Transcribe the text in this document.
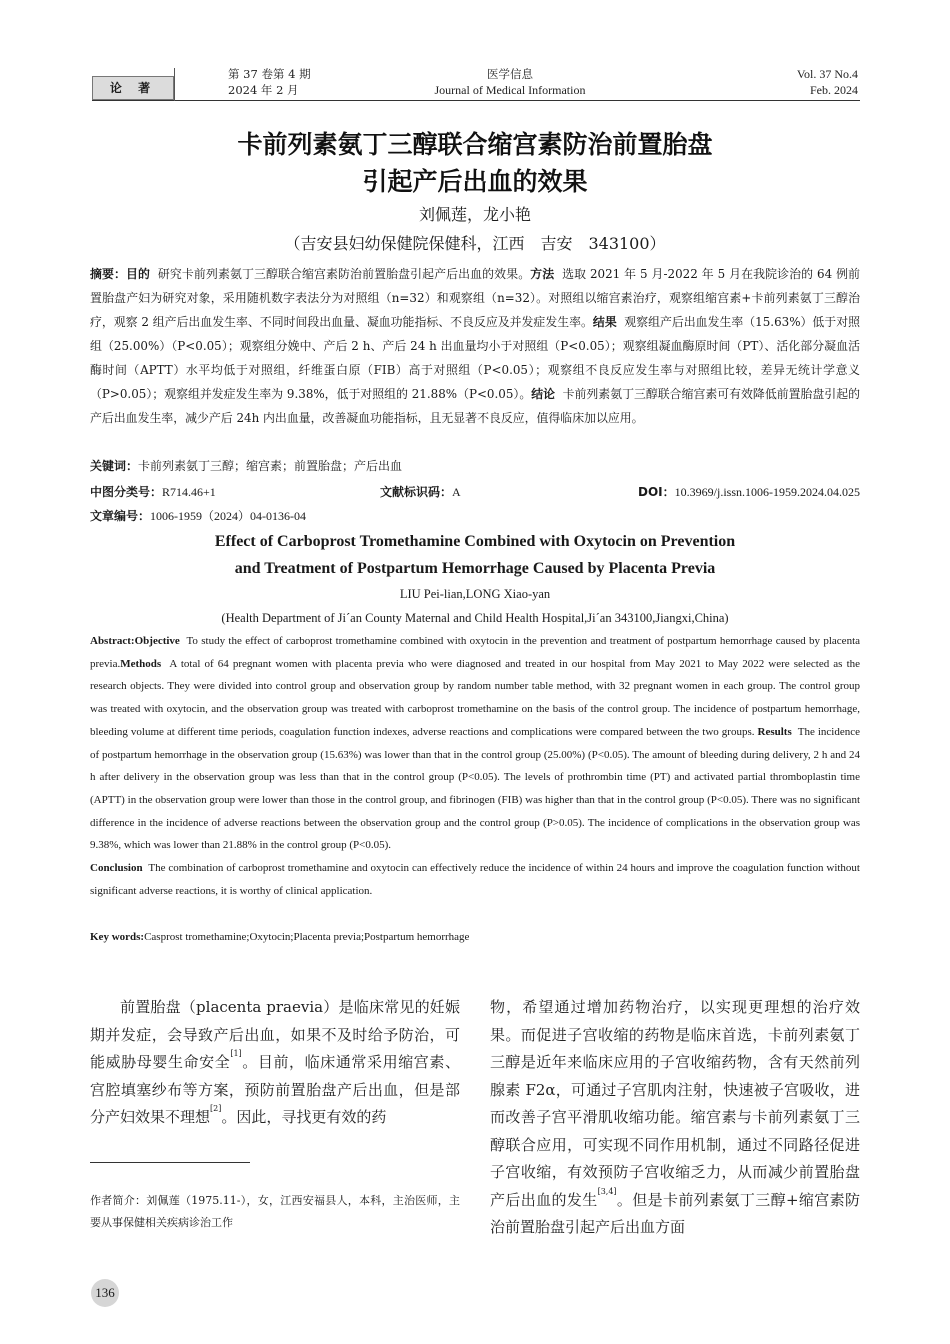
论 著
第 37 卷第 4 期
2024 年 2 月
医学信息
Journal of Medical Information
Vol. 37 No.4
Feb. 2024
卡前列素氨丁三醇联合缩宫素防治前置胎盘
引起产后出血的效果
刘佩莲，龙小艳
（吉安县妇幼保健院保健科，江西　吉安　343100）
摘要：目的 研究卡前列素氨丁三醇联合缩宫素防治前置胎盘引起产后出血的效果。方法 选取 2021 年 5 月-2022 年 5 月在我院诊治的 64 例前置胎盘产妇为研究对象，采用随机数字表法分为对照组（n=32）和观察组（n=32）。对照组以缩宫素治疗，观察组缩宫素+卡前列素氨丁三醇治疗，观察 2 组产后出血发生率、不同时间段出血量、凝血功能指标、不良反应及并发症发生率。结果 观察组产后出血发生率（15.63%）低于对照组（25.00%）（P<0.05）；观察组分娩中、产后 2 h、产后 24 h 出血量均小于对照组（P<0.05）；观察组凝血酶原时间（PT）、活化部分凝血活酶时间（APTT）水平均低于对照组，纤维蛋白原（FIB）高于对照组（P<0.05）；观察组不良反应发生率与对照组比较，差异无统计学意义（P>0.05）；观察组并发症发生率为 9.38%，低于对照组的 21.88%（P<0.05）。结论 卡前列素氨丁三醇联合缩宫素可有效降低前置胎盘引起的产后出血发生率，减少产后 24h 内出血量，改善凝血功能指标，且无显著不良反应，值得临床加以应用。
关键词：卡前列素氨丁三醇；缩宫素；前置胎盘；产后出血
中图分类号：R714.46+1	文献标识码：A	DOI：10.3969/j.issn.1006-1959.2024.04.025
文章编号：1006-1959（2024）04-0136-04
Effect of Carboprost Tromethamine Combined with Oxytocin on Prevention
and Treatment of Postpartum Hemorrhage Caused by Placenta Previa
LIU Pei-lian,LONG Xiao-yan
(Health Department of Ji´an County Maternal and Child Health Hospital,Ji´an 343100,Jiangxi,China)
Abstract:Objective To study the effect of carboprost tromethamine combined with oxytocin in the prevention and treatment of postpartum hemorrhage caused by placenta previa.Methods A total of 64 pregnant women with placenta previa who were diagnosed and treated in our hospital from May 2021 to May 2022 were selected as the research objects. They were divided into control group and observation group by random number table method, with 32 pregnant women in each group. The control group was treated with oxytocin, and the observation group was treated with carboprost tromethamine on the basis of the control group. The incidence of postpartum hemorrhage, bleeding volume at different time periods, coagulation function indexes, adverse reactions and complications were compared between the two groups. Results The incidence of postpartum hemorrhage in the observation group (15.63%) was lower than that in the control group (25.00%) (P<0.05). The amount of bleeding during delivery, 2 h and 24 h after delivery in the observation group was less than that in the control group (P<0.05). The levels of prothrombin time (PT) and activated partial thromboplastin time (APTT) in the observation group were lower than those in the control group, and fibrinogen (FIB) was higher than that in the control group (P<0.05). There was no significant difference in the incidence of adverse reactions between the observation group and the control group (P>0.05). The incidence of complications in the observation group was 9.38%, which was lower than 21.88% in the control group (P<0.05).
Conclusion The combination of carboprost tromethamine and oxytocin can effectively reduce the incidence of within 24 hours and improve the coagulation function without significant adverse reactions, it is worthy of clinical application.
Key words:Casprost tromethamine;Oxytocin;Placenta previa;Postpartum hemorrhage
前置胎盘（placenta praevia）是临床常见的妊娠期并发症，会导致产后出血，如果不及时给予防治，可能威胁母婴生命安全[1]。目前，临床通常采用缩宫素、宫腔填塞纱布等方案，预防前置胎盘产后出血，但是部分产妇效果不理想[2]。因此，寻找更有效的药
物，希望通过增加药物治疗，以实现更理想的治疗效果。而促进子宫收缩的药物是临床首选，卡前列素氨丁三醇是近年来临床应用的子宫收缩药物，含有天然前列腺素 F2α，可通过子宫肌肉注射，快速被子宫吸收，进而改善子宫平滑肌收缩功能。缩宫素与卡前列素氨丁三醇联合应用，可实现不同作用机制，通过不同路径促进子宫收缩，有效预防子宫收缩乏力，从而减少前置胎盘产后出血的发生[3,4]。但是卡前列素氨丁三醇+缩宫素防治前置胎盘引起产后出血方面
作者简介：刘佩莲（1975.11-），女，江西安福县人，本科，主治医师，主要从事保健相关疾病诊治工作
136
